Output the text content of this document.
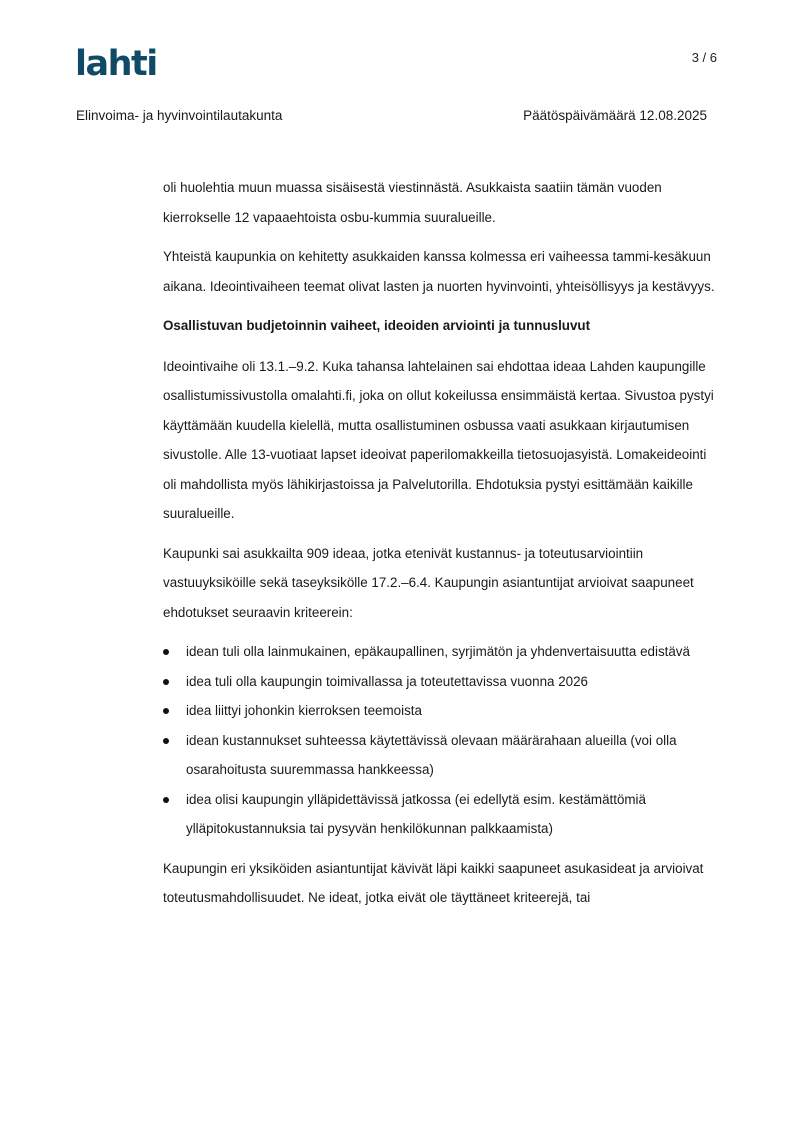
lahti	3 / 6
Elinvoima- ja hyvinvointilautakunta	Päätöspäivämäärä 12.08.2025

oli huolehtia muun muassa sisäisestä viestinnästä. Asukkaista saatiin tämän vuoden kierrokselle 12 vapaaehtoista osbu-kummia suuralueille.

Yhteistä kaupunkia on kehitetty asukkaiden kanssa kolmessa eri vaiheessa tammi-kesäkuun aikana. Ideointivaiheen teemat olivat lasten ja nuorten hyvinvointi, yhteisöllisyys ja kestävyys.

Osallistuvan budjetoinnin vaiheet, ideoiden arviointi ja tunnusluvut

Ideointivaihe oli 13.1.–9.2. Kuka tahansa lahtelainen sai ehdottaa ideaa Lahden kaupungille osallistumissivustolla omalahti.fi, joka on ollut kokeilussa ensimmäistä kertaa. Sivustoa pystyi käyttämään kuudella kielellä, mutta osallistuminen osbussa vaati asukkaan kirjautumisen sivustolle. Alle 13-vuotiaat lapset ideoivat paperilomakkeilla tietosuojasyistä. Lomakeideointi oli mahdollista myös lähikirjastoissa ja Palvelutorilla. Ehdotuksia pystyi esittämään kaikille suuralueille.

Kaupunki sai asukkailta 909 ideaa, jotka etenivät kustannus- ja toteutusarviointiin vastuuyksiköille sekä taseyksikölle 17.2.–6.4. Kaupungin asiantuntijat arvioivat saapuneet ehdotukset seuraavin kriteerein:

idean tuli olla lainmukainen, epäkaupallinen, syrjimätön ja yhdenvertaisuutta edistävä
idea tuli olla kaupungin toimivallassa ja toteutettavissa vuonna 2026
idea liittyi johonkin kierroksen teemoista
idean kustannukset suhteessa käytettävissä olevaan määrärahaan alueilla (voi olla osarahoitusta suuremmassa hankkeessa)
idea olisi kaupungin ylläpidettävissä jatkossa (ei edellytä esim. kestämättömiä ylläpitokustannuksia tai pysyvän henkilökunnan palkkaamista)

Kaupungin eri yksiköiden asiantuntijat kävivät läpi kaikki saapuneet asukasideat ja arvioivat toteutusmahdollisuudet. Ne ideat, jotka eivät ole täyttäneet kriteerejä, tai
